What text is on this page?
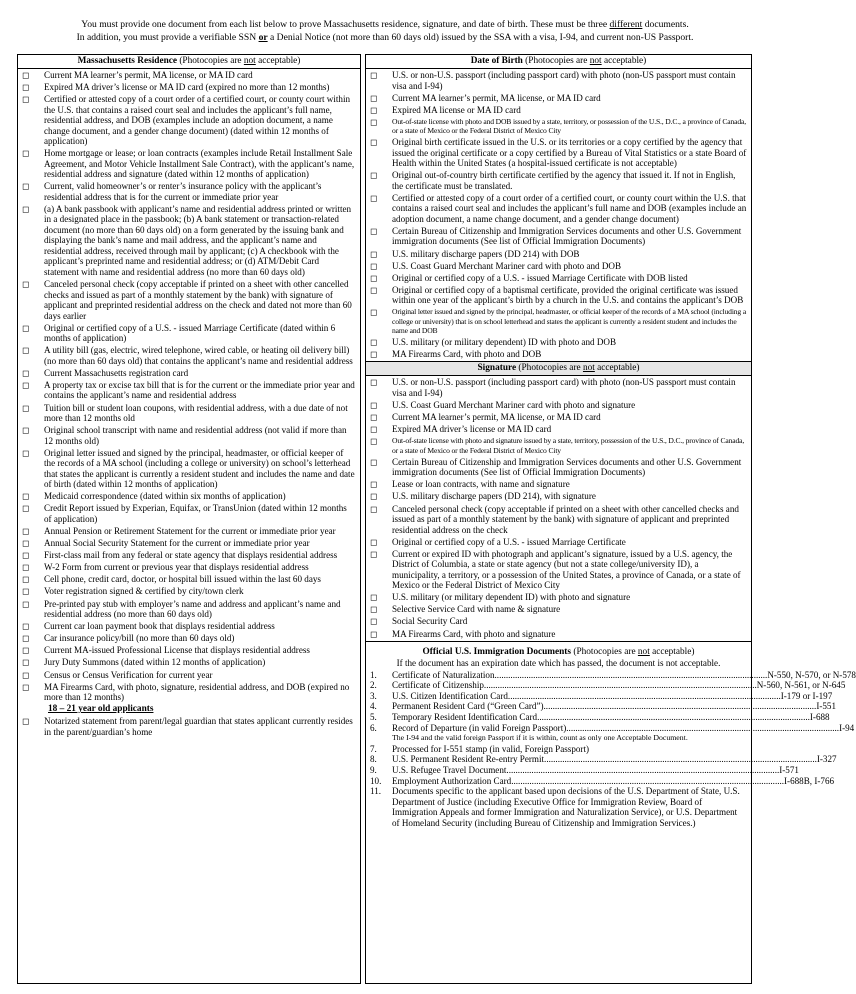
You must provide one document from each list below to prove Massachusetts residence, signature, and date of birth. These must be three different documents.
In addition, you must provide a verifiable SSN or a Denial Notice (not more than 60 days old) issued by the SSA with a visa, I-94, and current non-US Passport.
Massachusetts Residence (Photocopies are not acceptable)
◻	Current MA learner’s permit, MA license, or MA ID card
◻	Expired MA driver’s license or MA ID card (expired no more than 12 months)
◻	Certified or attested copy of a court order of a certified court, or county court within the U.S. that contains a raised court seal and includes the applicant’s full name, residential address, and DOB (examples include an adoption document, a name change document, and a gender change document) (dated within 12 months of application)
◻	Home mortgage or lease; or loan contracts (examples include Retail Installment Sale Agreement, and Motor Vehicle Installment Sale Contract), with the applicant’s name, residential address and signature (dated within 12 months of application)
◻	Current, valid homeowner’s or renter’s insurance policy with the applicant’s residential address that is for the current or immediate prior year
◻	(a) A bank passbook with applicant’s name and residential address printed or written in a designated place in the passbook; (b) A bank statement or transaction-related document (no more than 60 days old) on a form generated by the issuing bank and displaying the bank’s name and mail address, and the applicant’s name and residential address, received through mail by applicant; (c) A checkbook with the applicant’s preprinted name and residential address; or (d) ATM/Debit Card statement with name and residential address (no more than 60 days old)
◻	Canceled personal check (copy acceptable if printed on a sheet with other cancelled checks and issued as part of a monthly statement by the bank) with signature of applicant and preprinted residential address on the check and dated not more than 60 days earlier
◻	Original or certified copy of a U.S. - issued Marriage Certificate (dated within 6 months of application)
◻	A utility bill (gas, electric, wired telephone, wired cable, or heating oil delivery bill) (no more than 60 days old) that contains the applicant’s name and residential address
◻	Current Massachusetts registration card
◻	A property tax or excise tax bill that is for the current or the immediate prior year and contains the applicant’s name and residential address
◻	Tuition bill or student loan coupons, with residential address, with a due date of not more than 12 months old
◻	Original school transcript with name and residential address (not valid if more than 12 months old)
◻	Original letter issued and signed by the principal, headmaster, or official keeper of the records of a MA school (including a college or university) on school’s letterhead that states the applicant is currently a resident student and includes the name and date of birth (dated within 12 months of application)
◻	Medicaid correspondence (dated within six months of application)
◻	Credit Report issued by Experian, Equifax, or TransUnion (dated within 12 months of application)
◻	Annual Pension or Retirement Statement for the current or immediate prior year
◻	Annual Social Security Statement for the current or immediate prior year
◻	First-class mail from any federal or state agency that displays residential address
◻	W-2 Form from current or previous year that displays residential address
◻	Cell phone, credit card, doctor, or hospital bill issued within the last 60 days
◻	Voter registration signed & certified by city/town clerk
◻	Pre-printed pay stub with employer’s name and address and applicant’s name and residential address (no more than 60 days old)
◻	Current car loan payment book that displays residential address
◻	Car insurance policy/bill (no more than 60 days old)
◻	Current MA-issued Professional License that displays residential address
◻	Jury Duty Summons (dated within 12 months of application)
◻	Census or Census Verification for current year
◻	MA Firearms Card, with photo, signature, residential address, and DOB (expired no more than 12 months)
18 – 21 year old applicants
◻	Notarized statement from parent/legal guardian that states applicant currently resides in the parent/guardian’s home
Date of Birth (Photocopies are not acceptable)
◻	U.S. or non-U.S. passport (including passport card) with photo (non-US passport must contain visa and I-94)
◻	Current MA learner’s permit, MA license, or MA ID card
◻	Expired MA license or MA ID card
◻	Out-of-state license with photo and DOB issued by a state, territory, or possession of the U.S., D.C., a province of Canada, or a state of Mexico or the Federal District of Mexico City
◻	Original birth certificate issued in the U.S. or its territories or a copy certified by the agency that issued the original certificate or a copy certified by a Bureau of Vital Statistics or a state Board of Health within the United States (a hospital-issued certificate is not acceptable)
◻	Original out-of-country birth certificate certified by the agency that issued it. If not in English, the certificate must be translated.
◻	Certified or attested copy of a court order of a certified court, or county court within the U.S. that contains a raised court seal and includes the applicant’s full name and DOB (examples include an adoption document, a name change document, and a gender change document)
◻	Certain Bureau of Citizenship and Immigration Services documents and other U.S. Government immigration documents (See list of Official Immigration Documents)
◻	U.S. military discharge papers (DD 214) with DOB
◻	U.S. Coast Guard Merchant Mariner card with photo and DOB
◻	Original or certified copy of a U.S. - issued Marriage Certificate with DOB listed
◻	Original or certified copy of a baptismal certificate, provided the original certificate was issued within one year of the applicant’s birth by a church in the U.S. and contains the applicant’s DOB
◻	Original letter issued and signed by the principal, headmaster, or official keeper of the records of a MA school (including a college or university) that is on school letterhead and states the applicant is currently a resident student and includes the name and DOB
◻	U.S. military (or military dependent) ID with photo and DOB
◻	MA Firearms Card, with photo and DOB
Signature (Photocopies are not acceptable)
◻	U.S. or non-U.S. passport (including passport card) with photo (non-US passport must contain visa and I-94)
◻	U.S. Coast Guard Merchant Mariner card with photo and signature
◻	Current MA learner’s permit, MA license, or MA ID card
◻	Expired MA driver’s license or MA ID card
◻	Out-of-state license with photo and signature issued by a state, territory, possession of the U.S., D.C., province of Canada, or a state of Mexico or the Federal District of Mexico City
◻	Certain Bureau of Citizenship and Immigration Services documents and other U.S. Government immigration documents (See list of Official Immigration Documents)
◻	Lease or loan contracts, with name and signature
◻	U.S. military discharge papers (DD 214), with signature
◻	Canceled personal check (copy acceptable if printed on a sheet with other cancelled checks and issued as part of a monthly statement by the bank) with signature of applicant and preprinted residential address on the check
◻	Original or certified copy of a U.S. - issued Marriage Certificate
◻	Current or expired ID with photograph and applicant’s signature, issued by a U.S. agency, the District of Columbia, a state or state agency (but not a state college/university ID), a municipality, a territory, or a possession of the United States, a province of Canada, or a state of Mexico or the Federal District of Mexico City
◻	U.S. military (or military dependent ID) with photo and signature
◻	Selective Service Card with name & signature
◻	Social Security Card
◻	MA Firearms Card, with photo and signature
Official U.S. Immigration Documents (Photocopies are not acceptable)
If the document has an expiration date which has passed, the document is not acceptable.
1.	Certificate of Naturalization .....	N-550, N-570, or N-578
2.	Certificate of Citizenship .....	N-560, N-561, or N-645
3.	U.S. Citizen Identification Card .....	I-179 or I-197
4.	Permanent Resident Card (“Green Card”) .....	I-551
5.	Temporary Resident Identification Card .....	I-688
6.	Record of Departure (in valid Foreign Passport) .....	I-94
The I-94 and the valid foreign Passport if it is within, count as only one Acceptable Document.
7.	Processed for I-551 stamp (in valid, Foreign Passport)
8.	U.S. Permanent Resident Re-entry Permit .....	I-327
9.	U.S. Refugee Travel Document .....	I-571
10.	Employment Authorization Card .....	I-688B, I-766
11.	Documents specific to the applicant based upon decisions of the U.S. Department of State, U.S. Department of Justice (including Executive Office for Immigration Review, Board of Immigration Appeals and former Immigration and Naturalization Service), or U.S. Department of Homeland Security (including Bureau of Citizenship and Immigration Services.)
